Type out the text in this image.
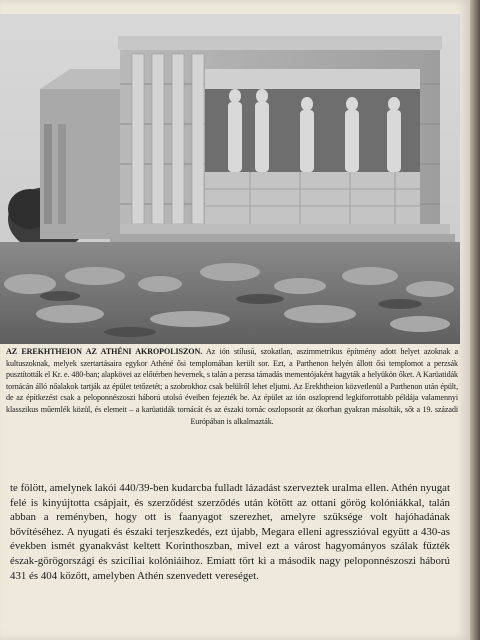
AZ EREKHTHEION AZ ATHÉNI AKROPOLISZON. Az ión stílusú, szokatlan, aszimmetrikus építmény adott helyet azoknak a kultuszoknak, melyek szertartásaira egykor Athéné ősi templomában került sor. Ezt, a Parthenon helyén állott ősi templomot a perzsák pusztították el Kr. e. 480-ban; alapkövei az előtérben hevernek, s talán a perzsa támadás mementójaként hagyták a helyükön őket. A Karüatidák tornácán álló nőalakok tartják az épület tetőzetét; a szobrokhoz csak belülről lehet eljutni. Az Erekhtheion közvetlenül a Parthenon után épült, de az építkezést csak a peloponnészoszi háború utolsó éveiben fejezték be. Az épület az ión oszloprend legkiforrottabb példája valamennyi klasszikus műemlék közül, és elemeit – a karüatidák tornácát és az északi tornác oszlopsorát az ókorban gyakran másolták, sőt a 19. századi Európában is alkalmazták.
te fölött, amelynek lakói 440/39-ben kudarcba fulladt lázadást szerveztek uralma ellen. Athén nyugat felé is kinyújtotta csápjait, és szerződést szerződés után kötött az ottani görög kolóniákkal, talán abban a reményben, hogy ott is faanyagot szerezhet, amelyre szüksége volt hajóhadának bővítéséhez. A nyugati és északi terjeszkedés, ezt újabb, Megara elleni agresszióval együtt a 430-as években ismét gyanakvást keltett Korinthoszban, mivel ezt a várost hagyományos szálak fűzték észak-görögországi és szicíliai kolóniáihoz. Emiatt tört ki a második nagy peloponnészoszi háború 431 és 404 között, amelyben Athén szenvedett vereséget.
